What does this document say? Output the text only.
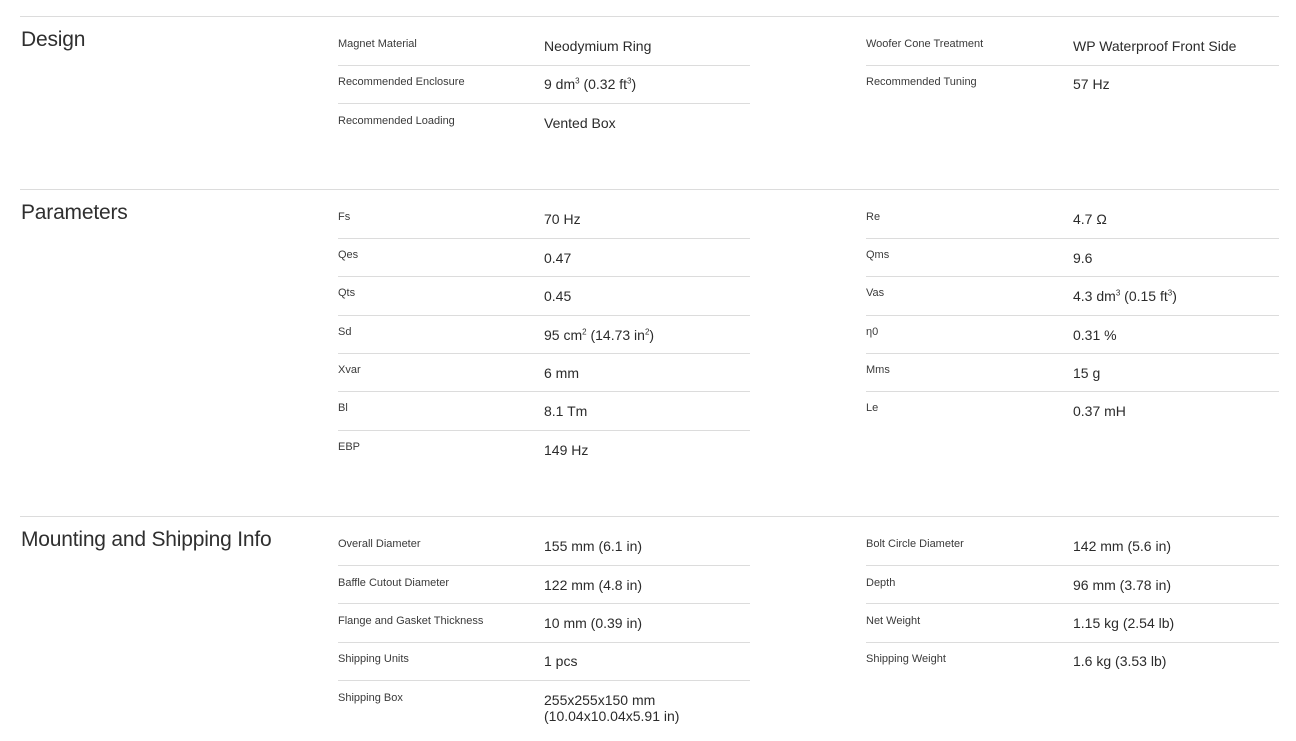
Design	Magnet Material	Neodymium Ring
Recommended Enclosure	9 $dm^3$ (0.32 $ft^3$)
Recommended Loading	Vented Box
Woofer Cone Treatment	WP Waterproof Front Side
Recommended Tuning	57 Hz
Parameters	Fs	70 Hz
Qes	0.47
Qts	0.45
Sd	95 $cm^2$ (14.73 $in^2$)
Xvar	6 mm
Bl	8.1 Tm
EBP	149 Hz
Re	4.7 Ω
Qms	9.6
Vas	4.3 $dm^3$ (0.15 $ft^3$)
η0	0.31 %
Mms	15 g
Le	0.37 mH
Mounting and Shipping Info	Overall Diameter	155 mm (6.1 in)
Baffle Cutout Diameter	122 mm (4.8 in)
Flange and Gasket Thickness	10 mm (0.39 in)
Shipping Units	1 pcs
Shipping Box	255x255x150 mm
(10.04x10.04x5.91 in)
Bolt Circle Diameter	142 mm (5.6 in)
Depth	96 mm (3.78 in)
Net Weight	1.15 kg (2.54 lb)
Shipping Weight	1.6 kg (3.53 lb)
